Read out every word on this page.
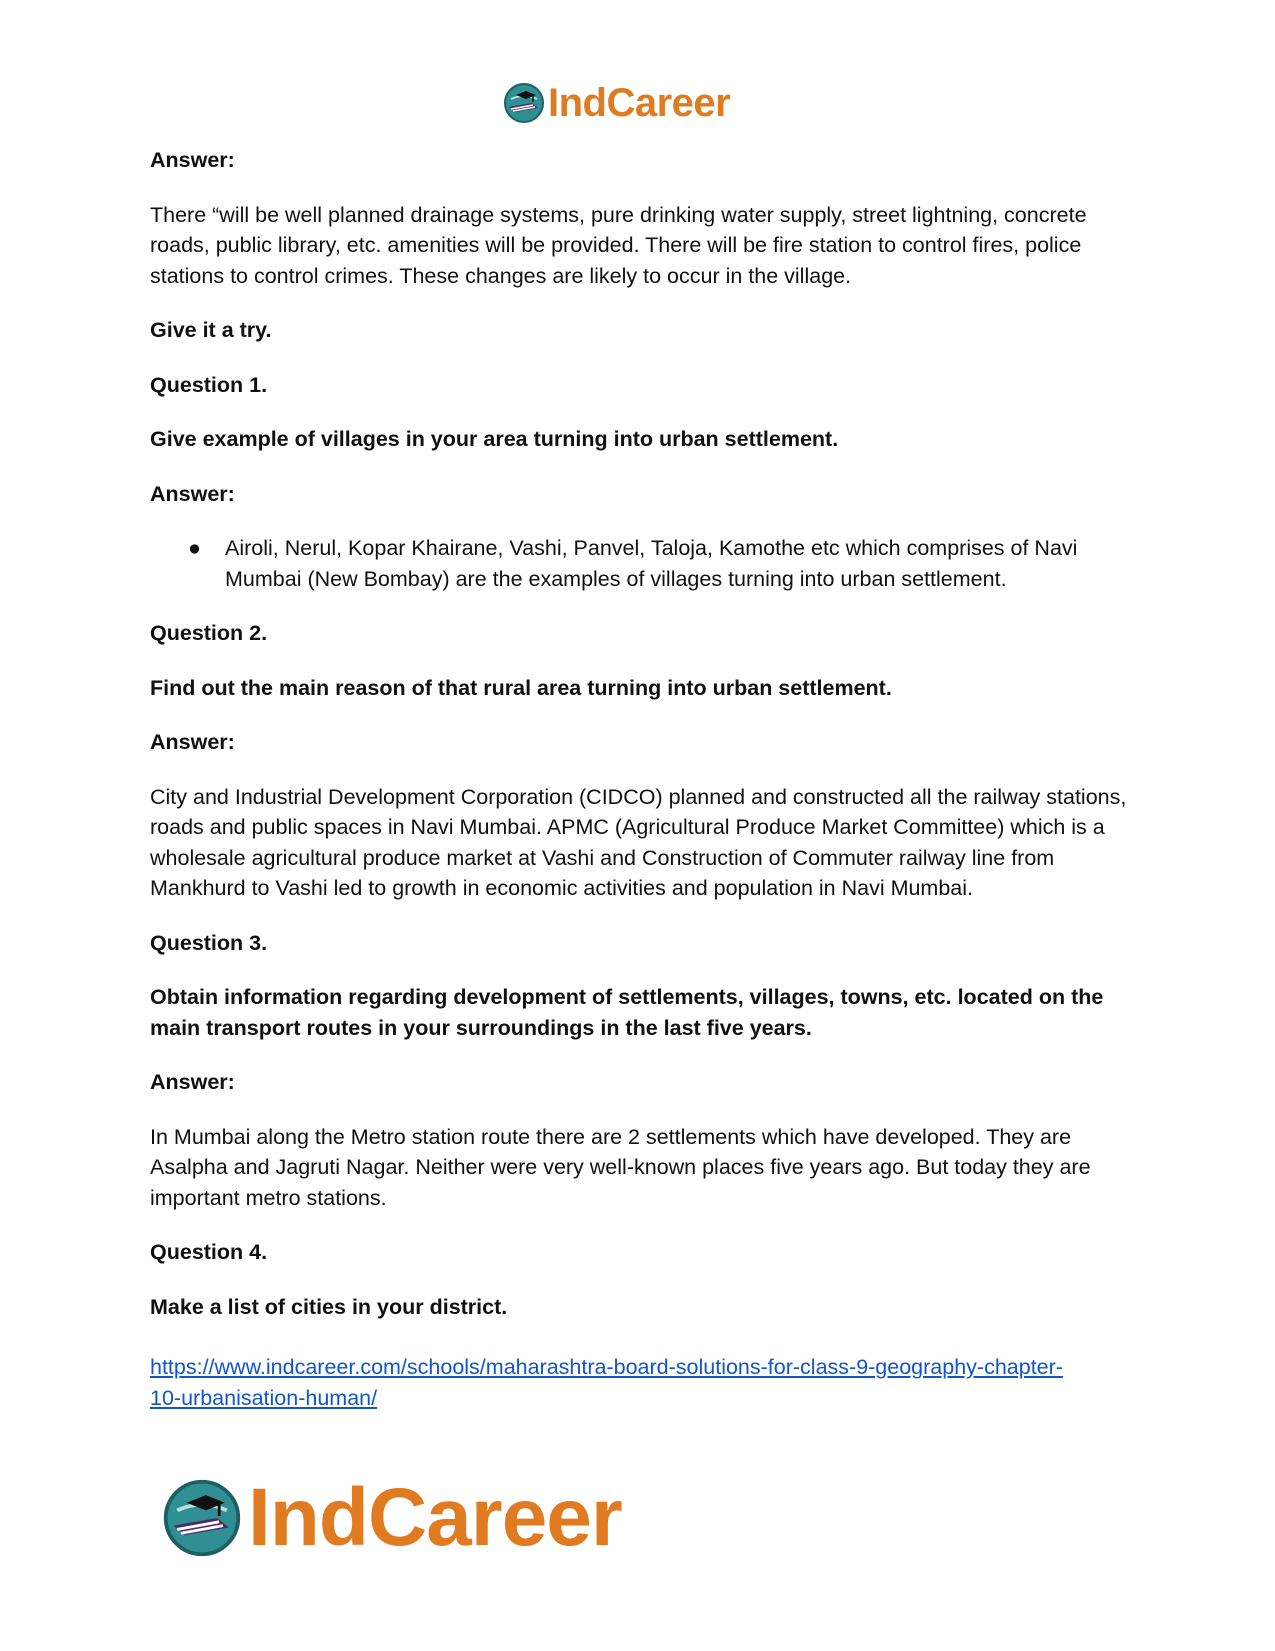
IndCareer

Answer:

There “will be well planned drainage systems, pure drinking water supply, street lightning, concrete roads, public library, etc. amenities will be provided. There will be fire station to control fires, police stations to control crimes. These changes are likely to occur in the village.

Give it a try.

Question 1.

Give example of villages in your area turning into urban settlement.

Answer:

● Airoli, Nerul, Kopar Khairane, Vashi, Panvel, Taloja, Kamothe etc which comprises of Navi Mumbai (New Bombay) are the examples of villages turning into urban settlement.

Question 2.

Find out the main reason of that rural area turning into urban settlement.

Answer:

City and Industrial Development Corporation (CIDCO) planned and constructed all the railway stations, roads and public spaces in Navi Mumbai. APMC (Agricultural Produce Market Committee) which is a wholesale agricultural produce market at Vashi and Construction of Commuter railway line from Mankhurd to Vashi led to growth in economic activities and population in Navi Mumbai.

Question 3.

Obtain information regarding development of settlements, villages, towns, etc. located on the main transport routes in your surroundings in the last five years.

Answer:

In Mumbai along the Metro station route there are 2 settlements which have developed. They are Asalpha and Jagruti Nagar. Neither were very well-known places five years ago. But today they are important metro stations.

Question 4.

Make a list of cities in your district.

https://www.indcareer.com/schools/maharashtra-board-solutions-for-class-9-geography-chapter-
10-urbanisation-human/

IndCareer
